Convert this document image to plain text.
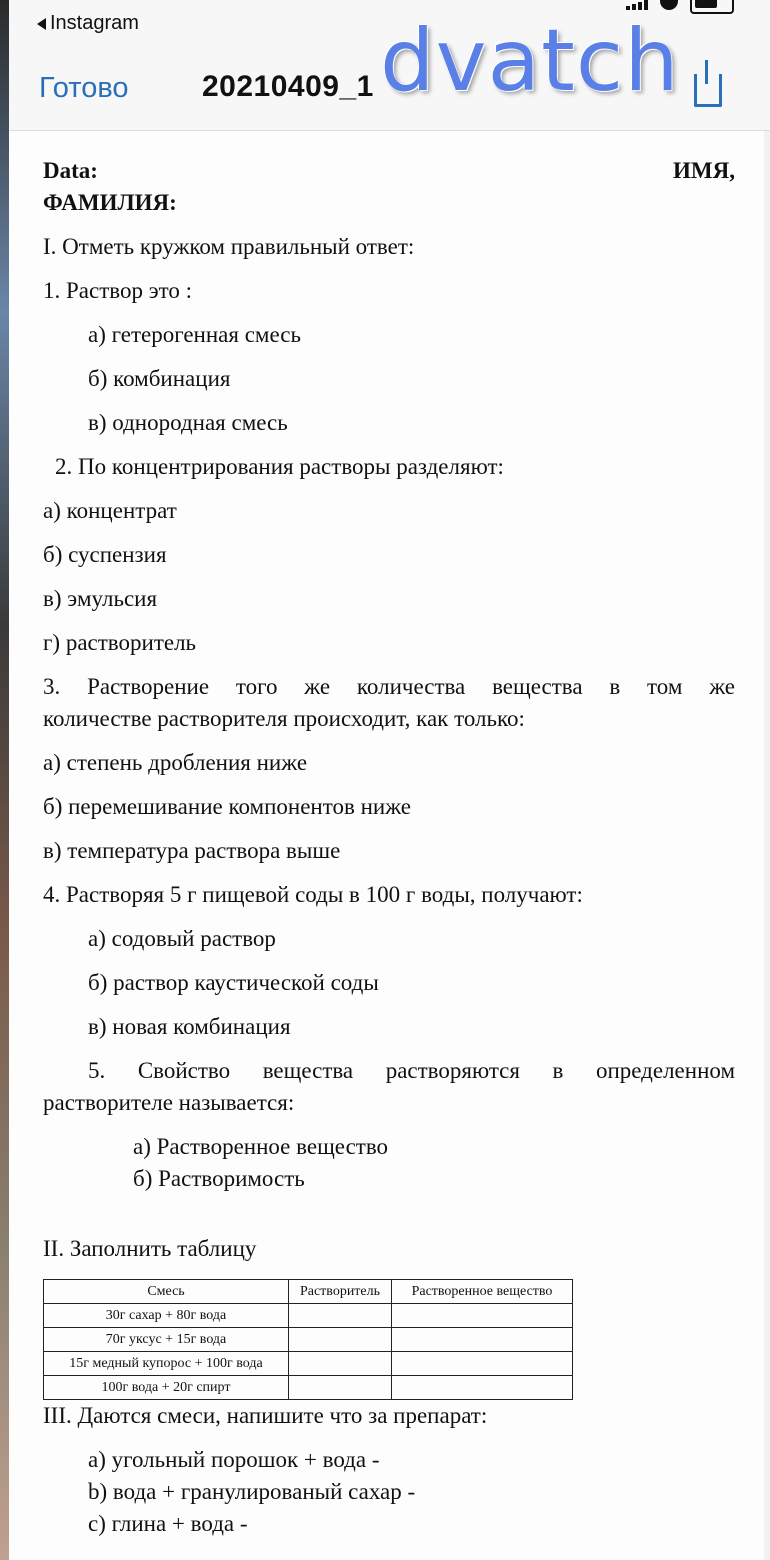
Instagram
Готово 20210409_1 dvatch
Data:	ИМЯ,
ФАМИЛИЯ:
I. Отметь кружком правильный ответ:
1. Раствор это :
а) гетерогенная смесь
б) комбинация
в) однородная смесь
2. По концентрирования растворы разделяют:
а) концентрат
б) суспензия
в) эмульсия
г) растворитель
3. Растворение того же количества вещества в том же
количестве растворителя происходит, как только:
а) степень дробления ниже
б) перемешивание компонентов ниже
в) температура раствора выше
4. Растворяя 5 г пищевой соды в 100 г воды, получают:
а) содовый раствор
б) раствор каустической соды
в) новая комбинация
5. Свойство вещества растворяются в определенном
растворителе называется:
а) Растворенное вещество
б) Растворимость
II. Заполнить таблицу
Смесь	Растворитель	Растворенное вещество
30г сахар + 80г вода		
70г уксус + 15г вода		
15г медный купорос + 100г вода		
100г вода + 20г спирт		
III. Даются смеси, напишите что за препарат:
a) угольный порошок + вода -
b) вода + гранулированый сахар -
c) глина + вода -
